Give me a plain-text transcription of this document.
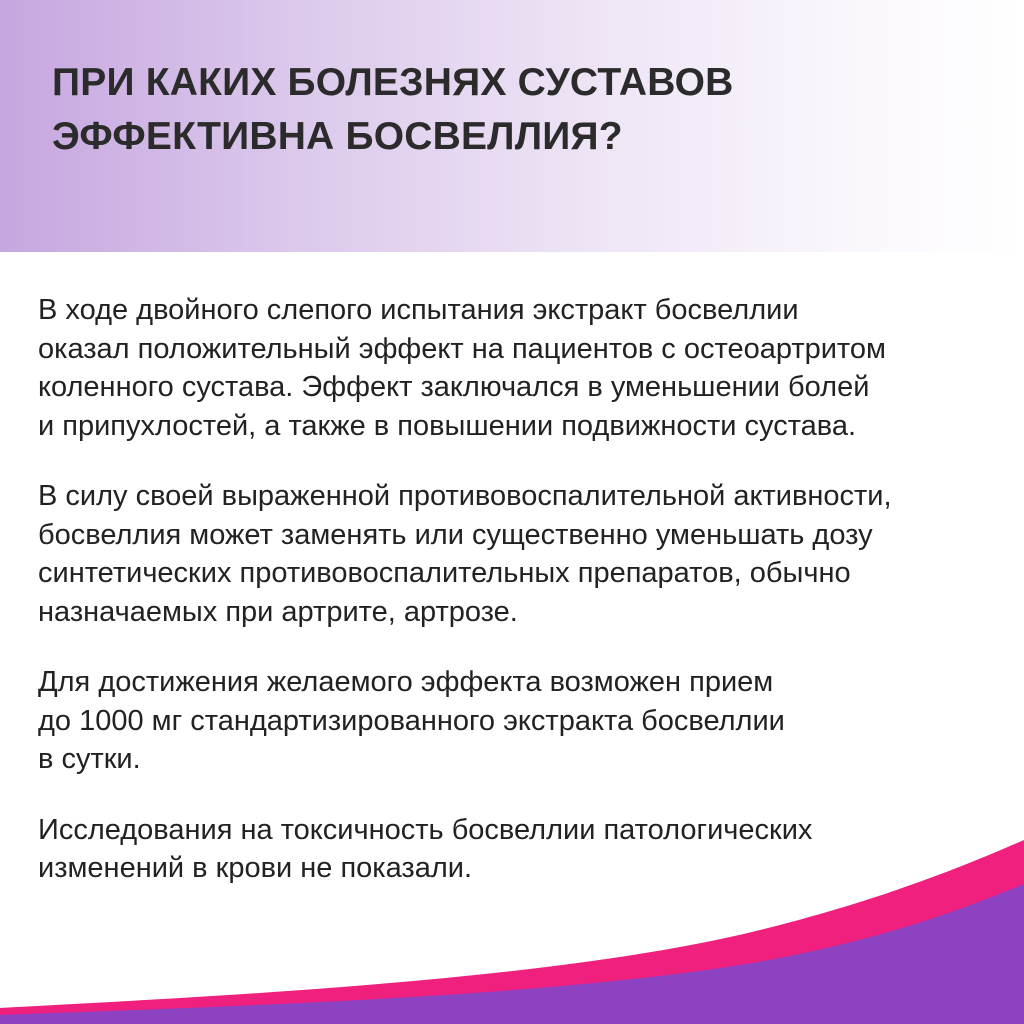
ПРИ КАКИХ БОЛЕЗНЯХ СУСТАВОВ
ЭФФЕКТИВНА БОСВЕЛЛИЯ?

В ходе двойного слепого испытания экстракт босвеллии
оказал положительный эффект на пациентов с остеоартритом
коленного сустава. Эффект заключался в уменьшении болей
и припухлостей, а также в повышении подвижности сустава.

В силу своей выраженной противовоспалительной активности,
босвеллия может заменять или существенно уменьшать дозу
синтетических противовоспалительных препаратов, обычно
назначаемых при артрите, артрозе.

Для достижения желаемого эффекта возможен прием
до 1000 мг стандартизированного экстракта босвеллии
в сутки.

Исследования на токсичность босвеллии патологических
изменений в крови не показали.
